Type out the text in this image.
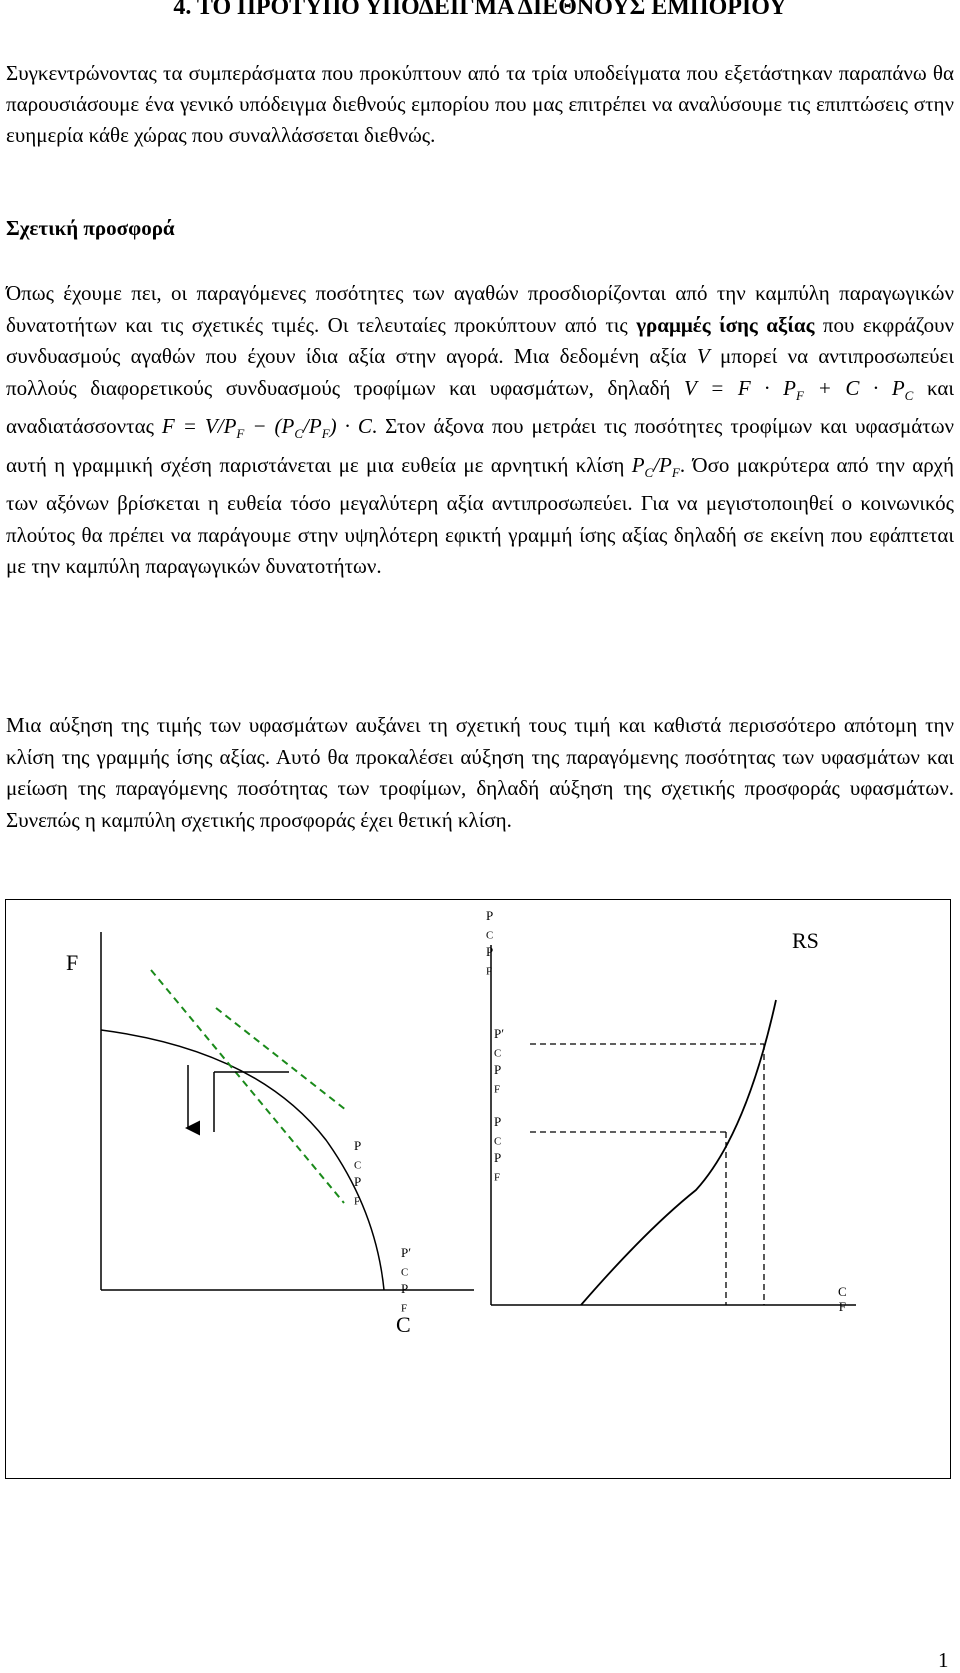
4. ΤΟ ΠΡΟΤΥΠΟ ΥΠΟΔΕΙΓΜΑ ΔΙΕΘΝΟΥΣ ΕΜΠΟΡΙΟΥ

Συγκεντρώνοντας τα συμπεράσματα που προκύπτουν από τα τρία υποδείγματα που εξετάστηκαν παραπάνω θα παρουσιάσουμε ένα γενικό υπόδειγμα διεθνούς εμπορίου που μας επιτρέπει να αναλύσουμε τις επιπτώσεις στην ευημερία κάθε χώρας που συναλλάσσεται διεθνώς.

Σχετική προσφορά

Όπως έχουμε πει, οι παραγόμενες ποσότητες των αγαθών προσδιορίζονται από την καμπύλη παραγωγικών δυνατοτήτων και τις σχετικές τιμές. Οι τελευταίες προκύπτουν από τις γραμμές ίσης αξίας που εκφράζουν συνδυασμούς αγαθών που έχουν ίδια αξία στην αγορά. Μια δεδομένη αξία V μπορεί να αντιπροσωπεύει πολλούς διαφορετικούς συνδυασμούς τροφίμων και υφασμάτων, δηλαδή $V = F \cdot P_F + C \cdot P_C$ και αναδιατάσσοντας $F = V/P_F - (P_C/P_F) \cdot C$. Στον άξονα που μετράει τις ποσότητες τροφίμων και υφασμάτων αυτή η γραμμική σχέση παριστάνεται με μια ευθεία με αρνητική κλίση $P_C/P_F$. Όσο μακρύτερα από την αρχή των αξόνων βρίσκεται η ευθεία τόσο μεγαλύτερη αξία αντιπροσωπεύει. Για να μεγιστοποιηθεί ο κοινωνικός πλούτος θα πρέπει να παράγουμε στην υψηλότερη εφικτή γραμμή ίσης αξίας δηλαδή σε εκείνη που εφάπτεται με την καμπύλη παραγωγικών δυνατοτήτων.

Μια αύξηση της τιμής των υφασμάτων αυξάνει τη σχετική τους τιμή και καθιστά περισσότερο απότομη την κλίση της γραμμής ίσης αξίας. Αυτό θα προκαλέσει αύξηση της παραγόμενης ποσότητας των υφασμάτων και μείωση της παραγόμενης ποσότητας των τροφίμων, δηλαδή αύξηση της σχετικής προσφοράς υφασμάτων. Συνεπώς η καμπύλη σχετικής προσφοράς έχει θετική κλίση.

F
C
P
$_C$
P
$_F$
P′
$_C$
P
$_F$
P
$_C$
P
$_F$
P′
$_C$
P
$_F$
P
$_C$
P
$_F$
C
F
RS
1
